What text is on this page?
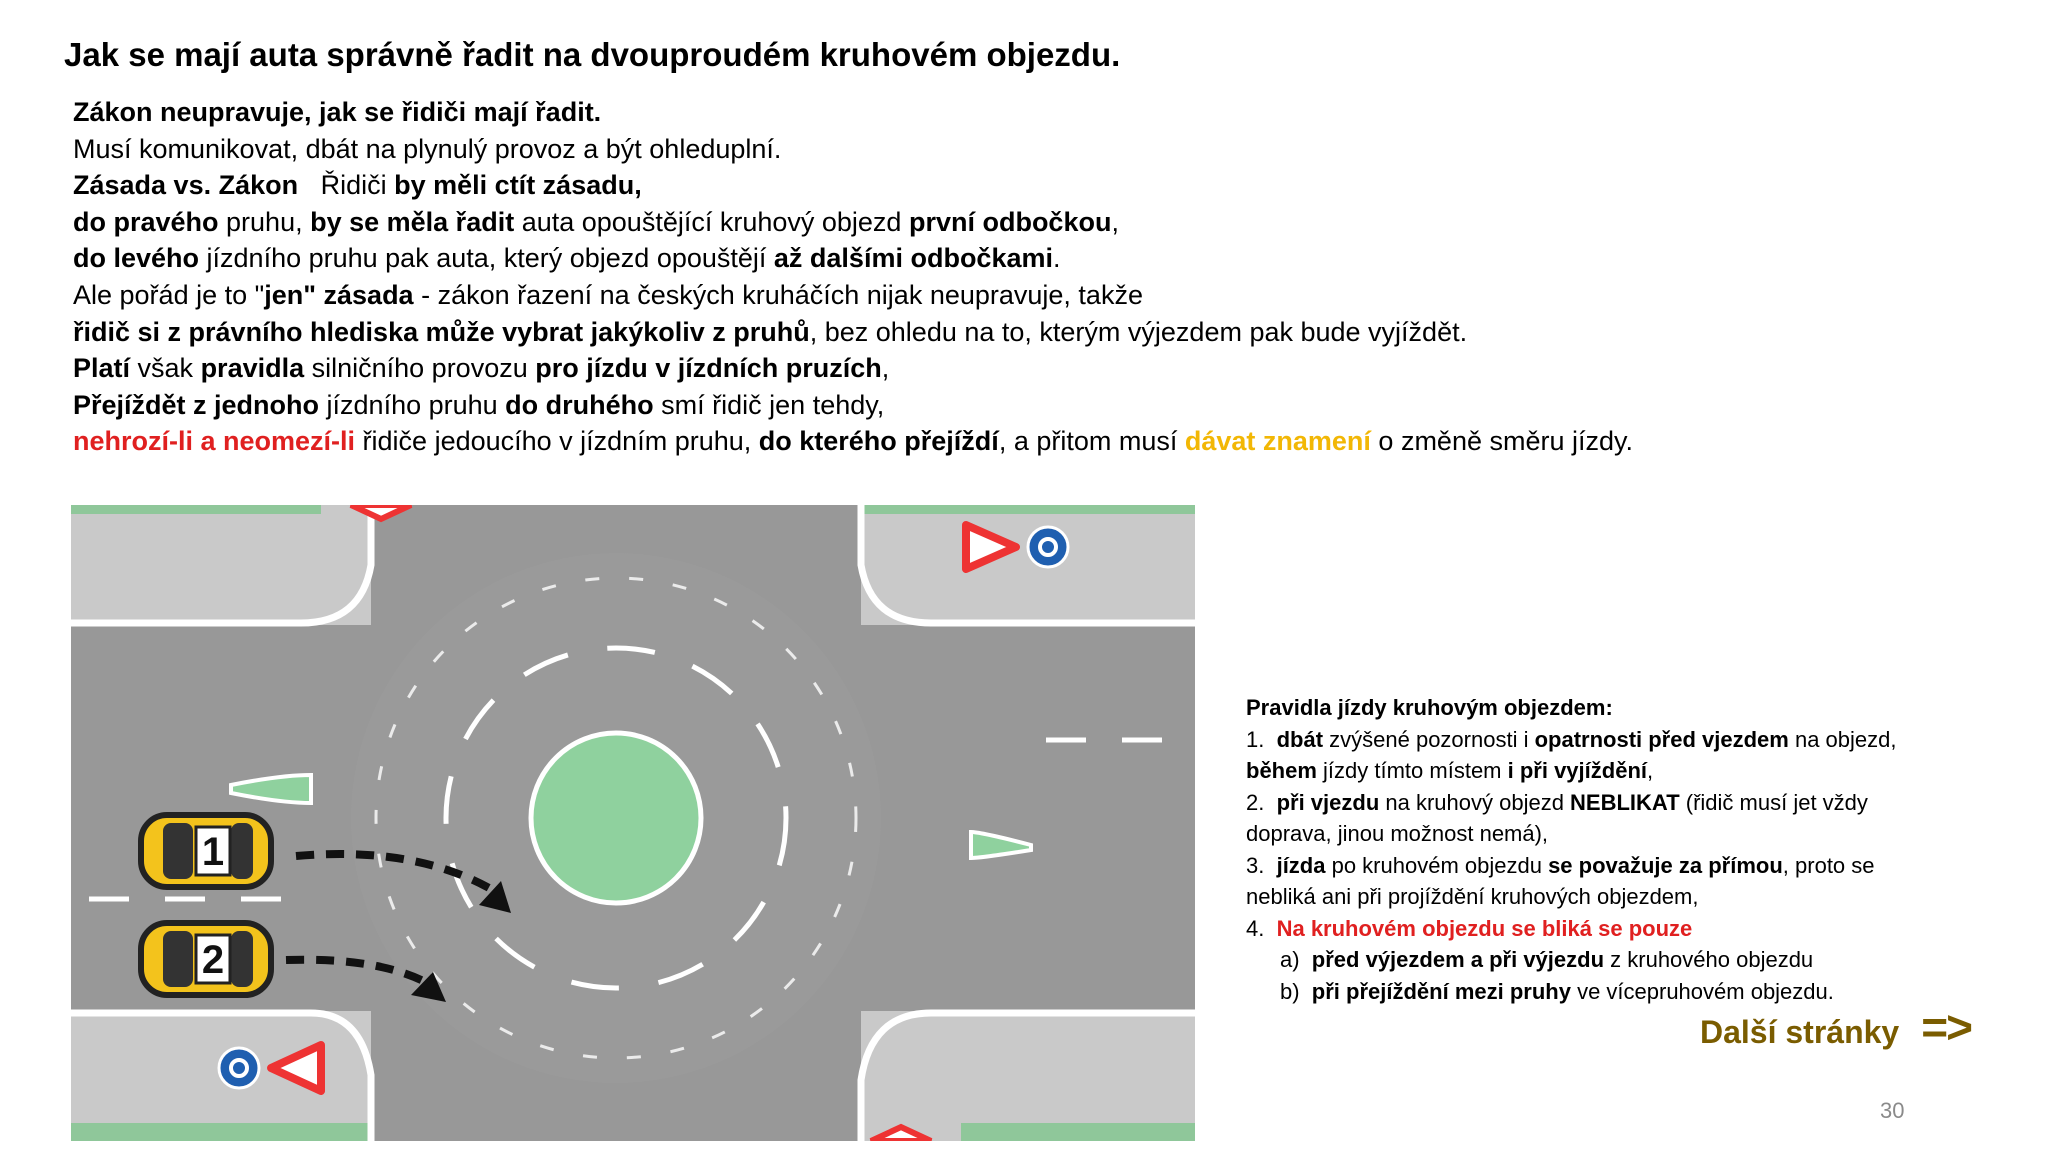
Jak se mají auta správně řadit na dvouproudém kruhovém objezdu.
Zákon neupravuje, jak se řidiči mají řadit.
Musí komunikovat, dbát na plynulý provoz a být ohleduplní.
Zásada vs. Zákon   Řidiči by měli ctít zásadu,
do pravého pruhu, by se měla řadit auta opouštějící kruhový objezd první odbočkou,
do levého jízdního pruhu pak auta, který objezd opouštějí až dalšími odbočkami.
Ale pořád je to "jen" zásada - zákon řazení na českých kruháčích nijak neupravuje, takže
řidič si z právního hlediska může vybrat jakýkoliv z pruhů, bez ohledu na to, kterým výjezdem pak bude vyjíždět.
Platí však pravidla silničního provozu pro jízdu v jízdních pruzích,
Přejíždět z jednoho jízdního pruhu do druhého smí řidič jen tehdy,
nehrozí-li a neomezí-li řidiče jedoucího v jízdním pruhu, do kterého přejíždí, a přitom musí dávat znamení o změně směru jízdy.
1
2
Pravidla jízdy kruhovým objezdem:
1.  dbát zvýšené pozornosti i opatrnosti před vjezdem na objezd,
během jízdy tímto místem i při vyjíždění,
2.  při vjezdu na kruhový objezd NEBLIKAT (řidič musí jet vždy
doprava, jinou možnost nemá),
3.  jízda po kruhovém objezdu se považuje za přímou, proto se
nebliká ani při projíždění kruhových objezdem,
4.  Na kruhovém objezdu se bliká se pouze
a)  před výjezdem a při výjezdu z kruhového objezdu
b)  při přejíždění mezi pruhy ve vícepruhovém objezdu.
Další stránky =>
30
